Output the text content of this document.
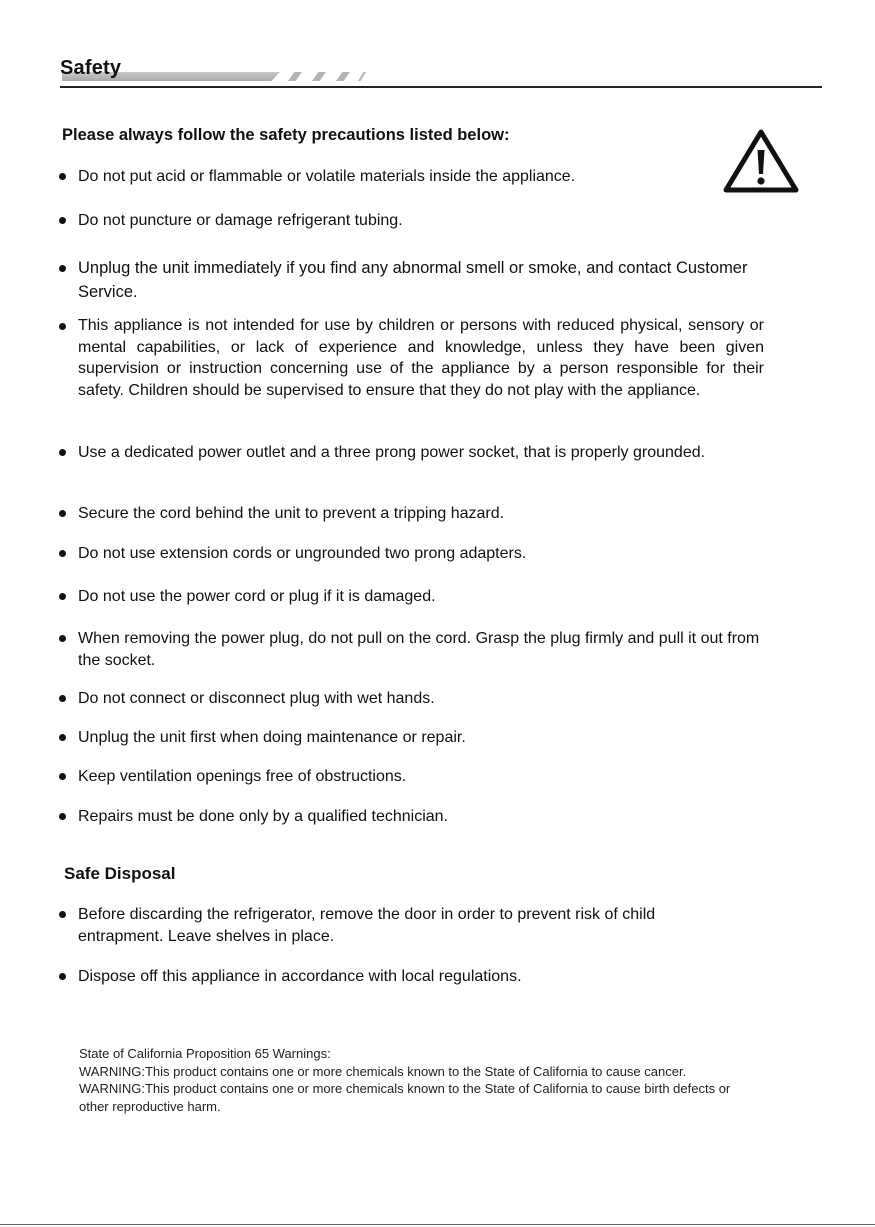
Safety
Please always follow the safety precautions listed below:
Do not put acid or flammable or volatile materials inside the appliance.
Do not puncture or damage refrigerant tubing.
Unplug the unit immediately if you find any abnormal smell or smoke, and contact Customer Service.
This appliance is not intended for use by children or persons with reduced physical, sensory or mental capabilities, or lack of experience and knowledge, unless they have been given supervision or instruction concerning use of the appliance by a person responsible for their safety. Children should be supervised to ensure that they do not play with the appliance.
Use a dedicated power outlet and a three prong power socket, that is properly grounded.
Secure the cord behind the unit to prevent a tripping hazard.
Do not use extension cords or ungrounded two prong adapters.
Do not use the power cord or plug if it is damaged.
When removing the power plug, do not pull on the cord. Grasp the plug firmly and pull it out from the socket.
Do not connect or disconnect plug with wet hands.
Unplug the unit first when doing maintenance or repair.
Keep ventilation openings free of obstructions.
Repairs must be done only by a qualified technician.
Safe Disposal
Before discarding the refrigerator, remove the door in order to prevent risk of child entrapment. Leave shelves in place.
Dispose off this appliance in accordance with local regulations.
State of California Proposition 65 Warnings:
WARNING:This product contains one or more chemicals known to the State of California to cause cancer.
WARNING:This product contains one or more chemicals known to the State of California to cause birth defects or
other reproductive harm.
